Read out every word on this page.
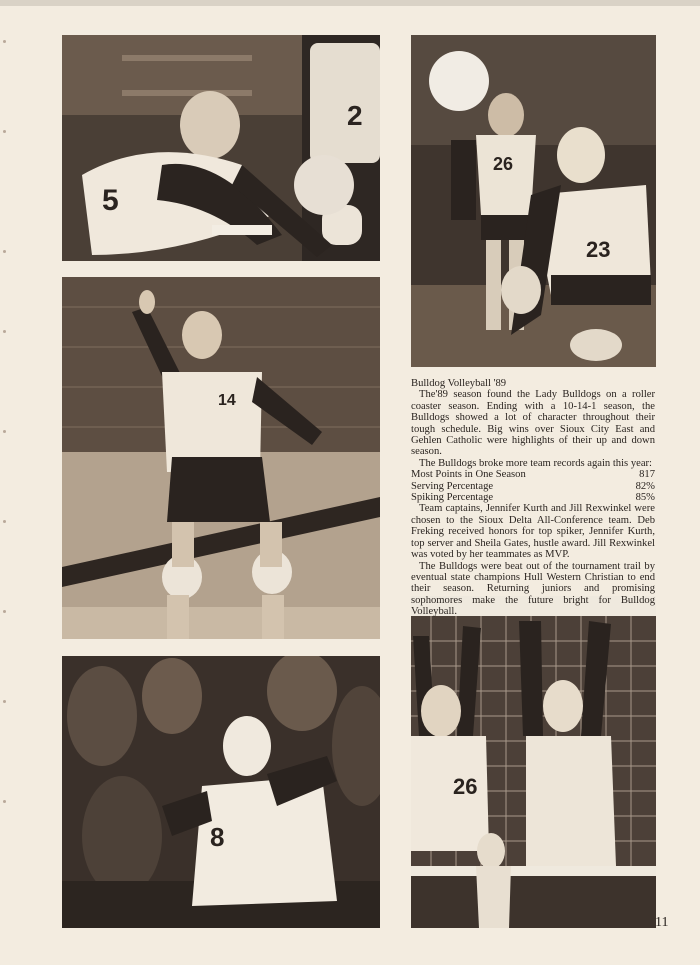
5
2
26
23
14
8
26
Bulldog Volleyball '89

The'89 season found the Lady Bulldogs on a roller coaster season. Ending with a 10-14-1 season, the Bulldogs showed a lot of character throughout their tough schedule. Big wins over Sioux City East and Gehlen Catholic were highlights of their up and down season.

The Bulldogs broke more team records again this year:

Most Points in One Season	817
Serving Percentage	82%
Spiking Percentage	85%

Team captains, Jennifer Kurth and Jill Rexwinkel were chosen to the Sioux Delta All-Conference team. Deb Freking received honors for top spiker, Jennifer Kurth, top server and Sheila Gates, hustle award. Jill Rexwinkel was voted by her teammates as MVP.

The Bulldogs were beat out of the tournament trail by eventual state champions Hull Western Christian to end their season. Returning juniors and promising sophomores make the future bright for Bulldog Volleyball.

11
